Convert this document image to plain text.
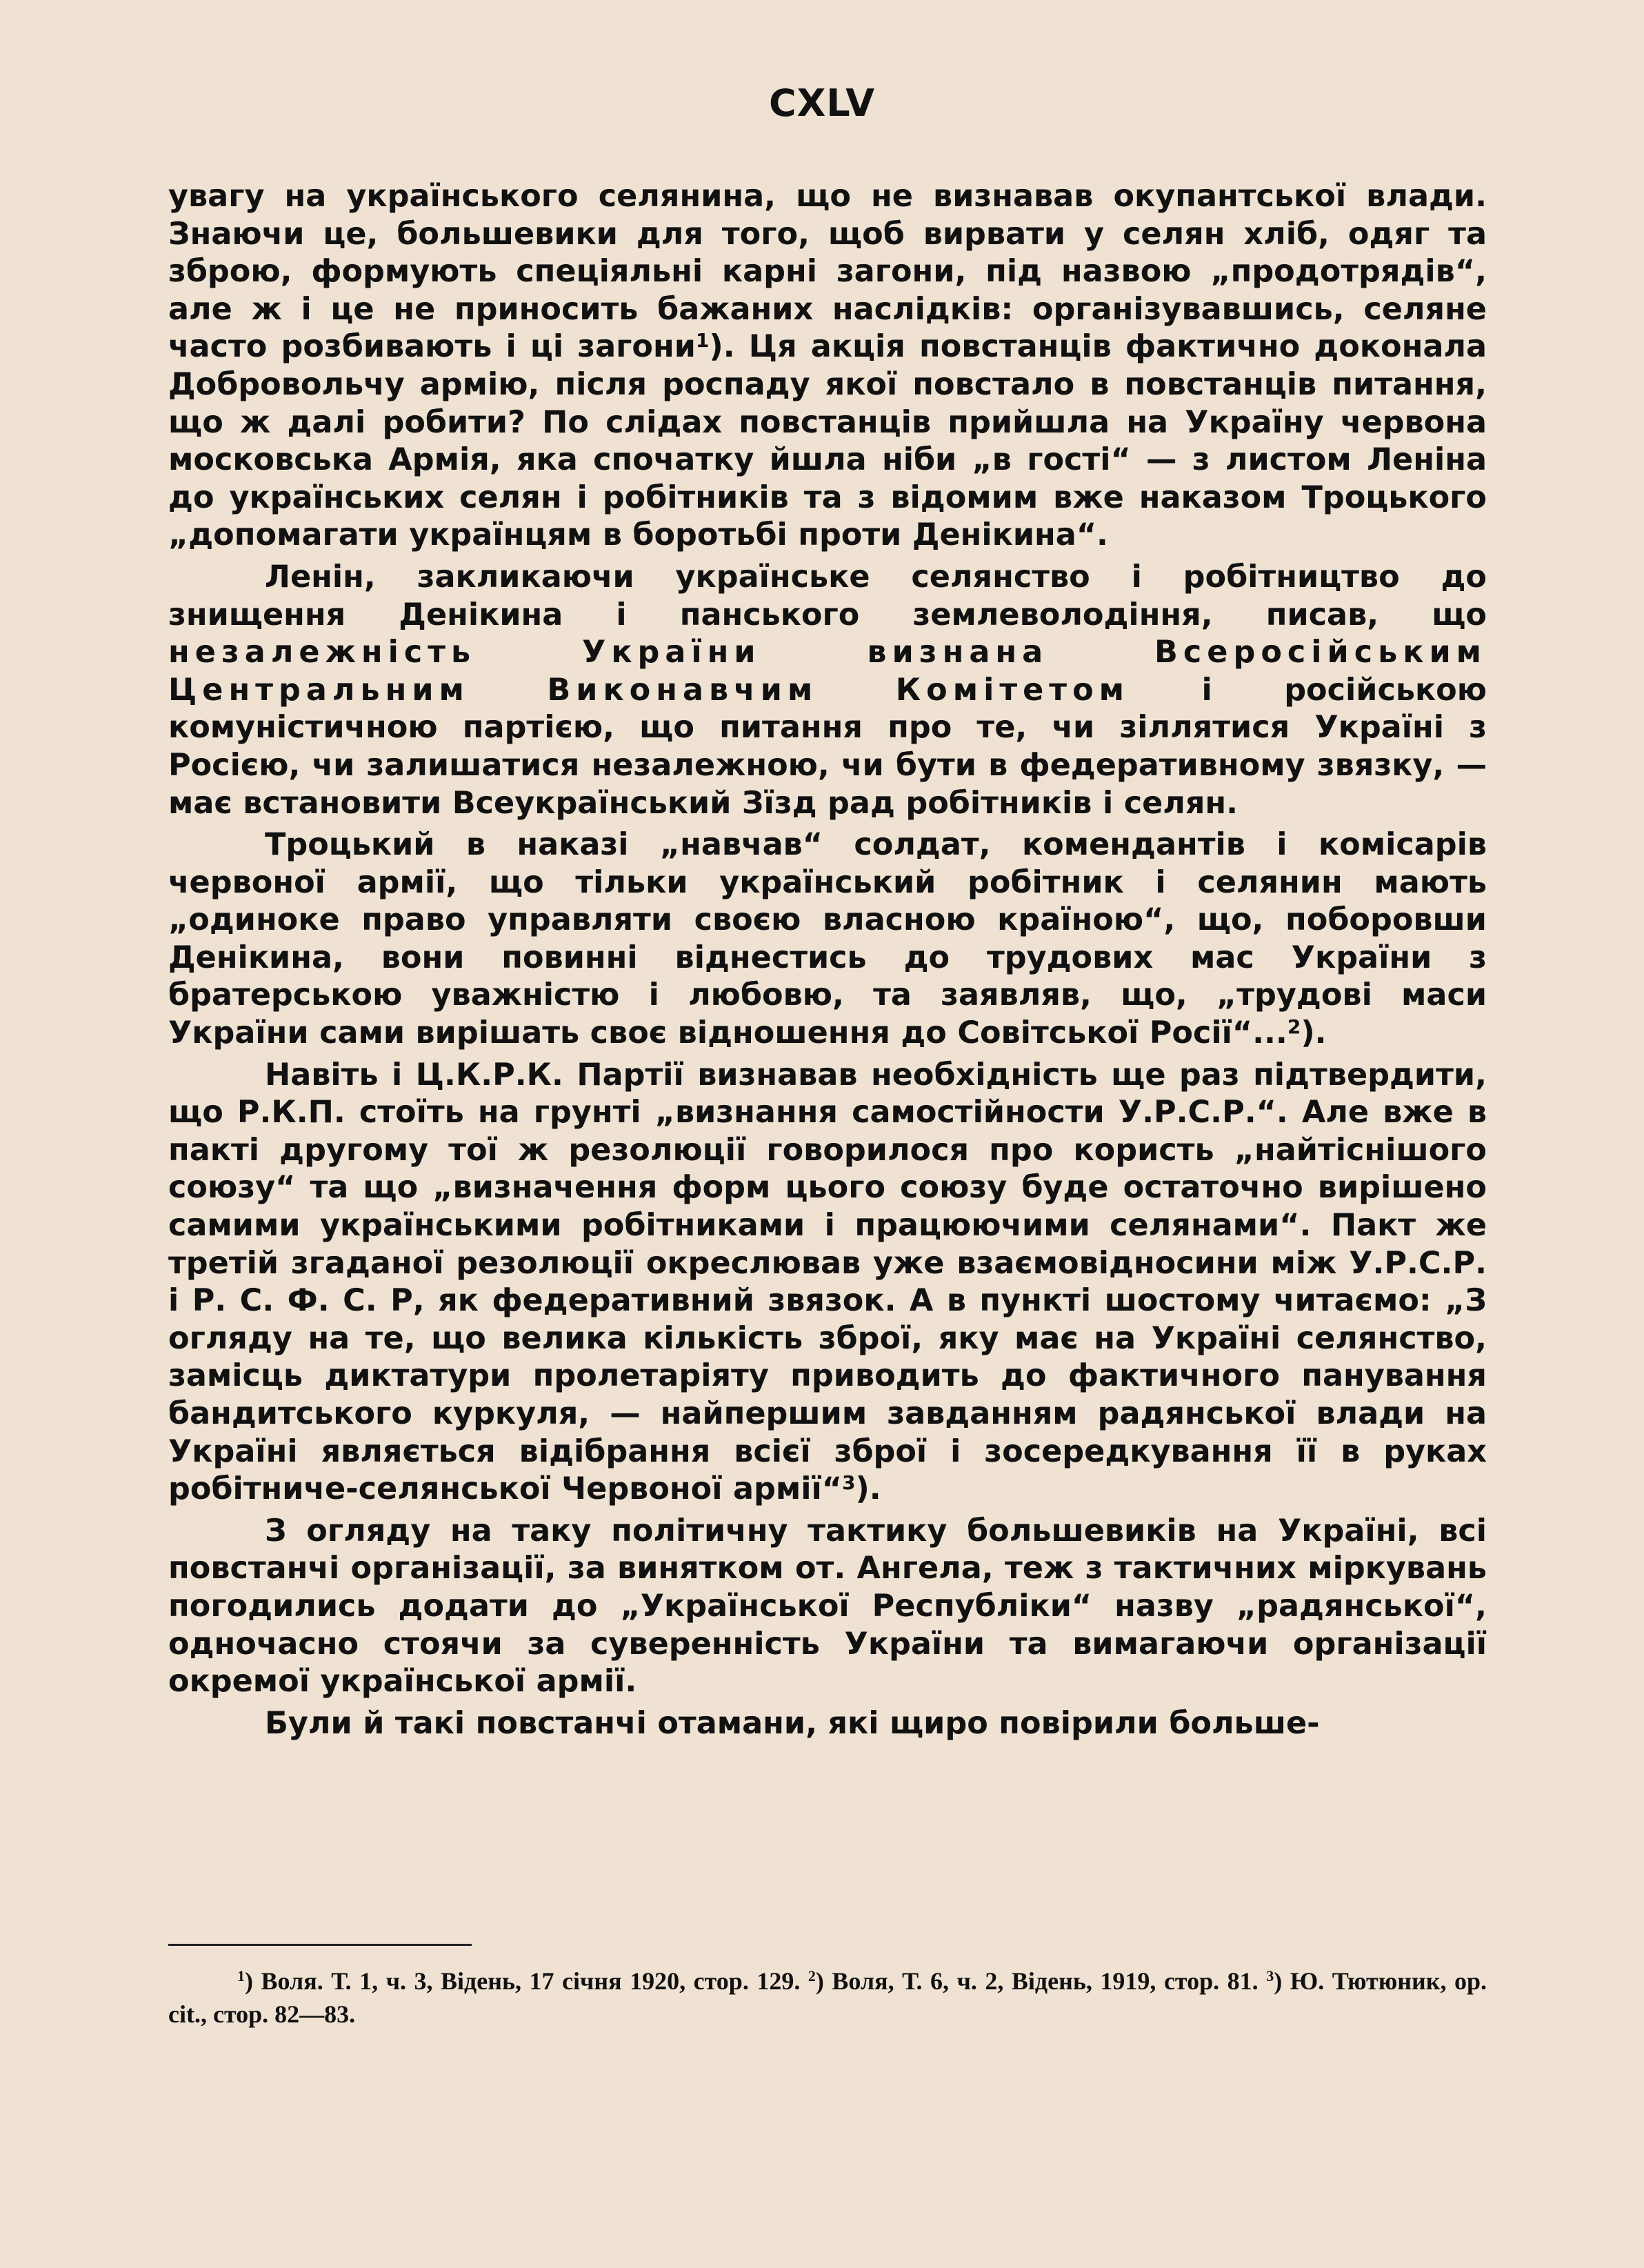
CXLV

увагу на українського селянина, що не визнавав окупантської влади. Знаючи це, большевики для того, щоб вирвати у селян хліб, одяг та зброю, формують спеціяльні карні загони, під назвою „продотрядів“, але ж і це не приносить бажаних наслідків: організувавшись, селяне часто розбивають і ці загони$^1$). Ця акція повстанців фактично доконала Добровольчу армію, після роспаду якої повстало в повстанців питання, що ж далі робити? По слідах повстанців прийшла на Україну червона московська Армія, яка спочатку йшла ніби „в гості“ — з листом Леніна до українських селян і робітників та з відомим вже наказом Троцького „допомагати українцям в боротьбі проти Денікина“.

Ленін, закликаючи українське селянство і робітництво до знищення Денікина і панського землеволодіння, писав, що незалежність України визнана Всеросійським Центральним Виконавчим Комітетом і російською комуністичною партією, що питання про те, чи зіллятися Україні з Росією, чи залишатися незалежною, чи бути в федеративному звязку, — має встановити Всеукраїнський Зїзд рад робітників і селян.

Троцький в наказі „навчав“ солдат, комендантів і комісарів червоної армії, що тільки український робітник і селянин мають „одиноке право управляти своєю власною країною“, що, поборовши Денікина, вони повинні віднестись до трудових мас України з братерською уважністю і любовю, та заявляв, що, „трудові маси України сами вирішать своє відношення до Совітської Росії“...$^2$).

Навіть і Ц.К.Р.К. Партії визнавав необхідність ще раз підтвердити, що Р.К.П. стоїть на грунті „визнання самостійности У.Р.С.Р.“. Але вже в пакті другому тої ж резолюції говорилося про користь „найтіснішого союзу“ та що „визначення форм цього союзу буде остаточно вирішено самими українськими робітниками і працюючими селянами“. Пакт же третій згаданої резолюції окреслював уже взаємовідносини між У.Р.С.Р. і Р. С. Ф. С. Р, як федеративний звязок. А в пункті шостому читаємо: „З огляду на те, що велика кількість зброї, яку має на Україні селянство, замісць диктатури пролетаріяту приводить до фактичного панування бандитського куркуля, — найпершим завданням радянської влади на Україні являється відібрання всієї зброї і зосередкування її в руках робітниче-селянської Червоної армії“$^3$).

З огляду на таку політичну тактику большевиків на Україні, всі повстанчі організації, за винятком от. Ангела, теж з тактичних міркувань погодились додати до „Української Республіки“ назву „радянської“, одночасно стоячи за суверенність України та вимагаючи організації окремої української армії.

Були й такі повстанчі отамани, які щиро повірили больше-

$^1$) Воля. Т. 1, ч. 3, Відень, 17 січня 1920, стор. 129. $^2$) Воля, Т. 6, ч. 2, Відень, 1919, стор. 81. $^3$) Ю. Тютюник, op. cit., стор. 82—83.
